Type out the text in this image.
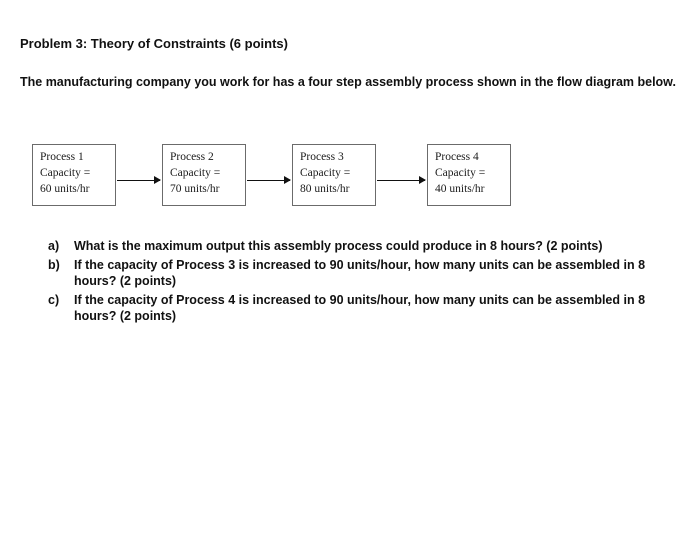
Problem 3: Theory of Constraints (6 points)
The manufacturing company you work for has a four step assembly process shown in the flow diagram below.
Process 1
Capacity =
60 units/hr
Process 2
Capacity =
70 units/hr
Process 3
Capacity =
80 units/hr
Process 4
Capacity =
40 units/hr
a) What is the maximum output this assembly process could produce in 8 hours? (2 points)
b) If the capacity of Process 3 is increased to 90 units/hour, how many units can be assembled in 8 hours? (2 points)
c) If the capacity of Process 4 is increased to 90 units/hour, how many units can be assembled in 8 hours? (2 points)
